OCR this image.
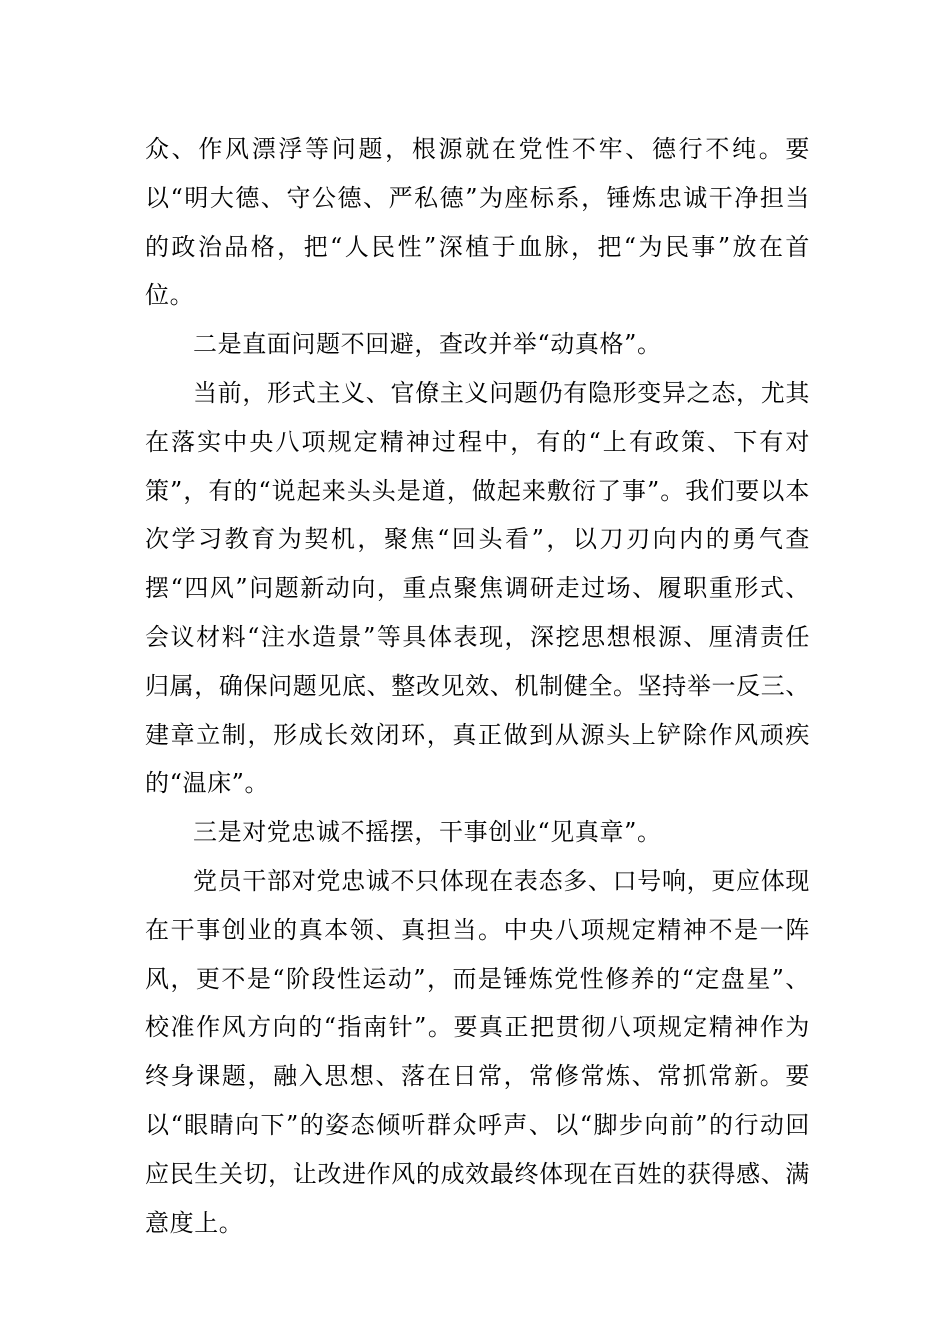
众、作风漂浮等问题，根源就在党性不牢、德行不纯。要以“明大德、守公德、严私德”为座标系，锤炼忠诚干净担当的政治品格，把“人民性”深植于血脉，把“为民事”放在首位。

二是直面问题不回避，查改并举“动真格”。

当前，形式主义、官僚主义问题仍有隐形变异之态，尤其在落实中央八项规定精神过程中，有的“上有政策、下有对策”，有的“说起来头头是道，做起来敷衍了事”。我们要以本次学习教育为契机，聚焦“回头看”，以刀刃向内的勇气查摆“四风”问题新动向，重点聚焦调研走过场、履职重形式、会议材料“注水造景”等具体表现，深挖思想根源、厘清责任归属，确保问题见底、整改见效、机制健全。坚持举一反三、建章立制，形成长效闭环，真正做到从源头上铲除作风顽疾的“温床”。

三是对党忠诚不摇摆，干事创业“见真章”。

党员干部对党忠诚不只体现在表态多、口号响，更应体现在干事创业的真本领、真担当。中央八项规定精神不是一阵风，更不是“阶段性运动”，而是锤炼党性修养的“定盘星”、校准作风方向的“指南针”。要真正把贯彻八项规定精神作为终身课题，融入思想、落在日常，常修常炼、常抓常新。要以“眼睛向下”的姿态倾听群众呼声、以“脚步向前”的行动回应民生关切，让改进作风的成效最终体现在百姓的获得感、满意度上。
